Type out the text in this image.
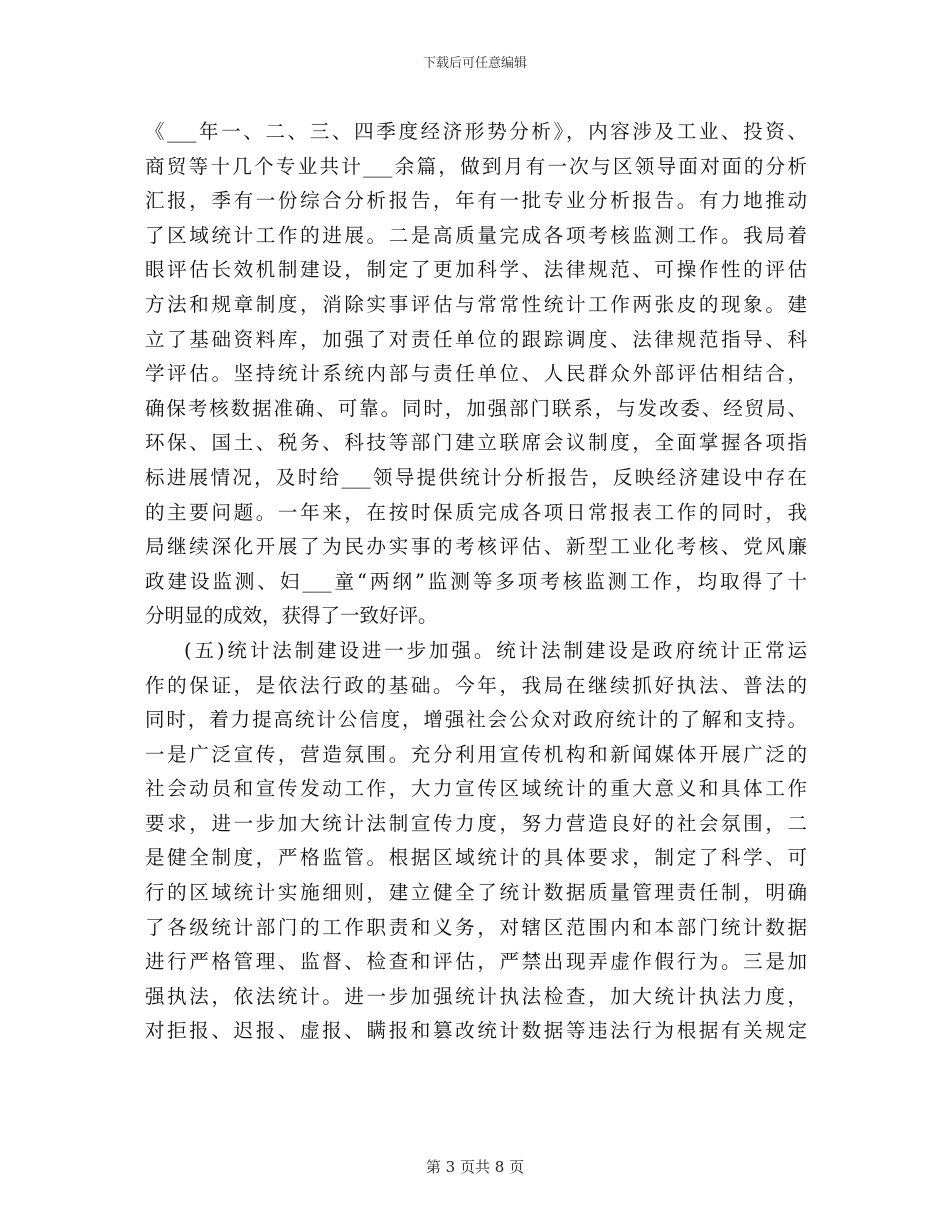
下载后可任意编辑
《___年一、二、三、四季度经济形势分析》，内容涉及工业、投资、
商贸等十几个专业共计___余篇，做到月有一次与区领导面对面的分析
汇报，季有一份综合分析报告，年有一批专业分析报告。有力地推动
了区域统计工作的进展。二是高质量完成各项考核监测工作。我局着
眼评估长效机制建设，制定了更加科学、法律规范、可操作性的评估
方法和规章制度，消除实事评估与常常性统计工作两张皮的现象。建
立了基础资料库，加强了对责任单位的跟踪调度、法律规范指导、科
学评估。坚持统计系统内部与责任单位、人民群众外部评估相结合，
确保考核数据准确、可靠。同时，加强部门联系，与发改委、经贸局、
环保、国土、税务、科技等部门建立联席会议制度，全面掌握各项指
标进展情况，及时给___领导提供统计分析报告，反映经济建设中存在
的主要问题。一年来，在按时保质完成各项日常报表工作的同时，我
局继续深化开展了为民办实事的考核评估、新型工业化考核、党风廉
政建设监测、妇___童“两纲”监测等多项考核监测工作，均取得了十
分明显的成效，获得了一致好评。
(五)统计法制建设进一步加强。统计法制建设是政府统计正常运
作的保证，是依法行政的基础。今年，我局在继续抓好执法、普法的
同时，着力提高统计公信度，增强社会公众对政府统计的了解和支持。
一是广泛宣传，营造氛围。充分利用宣传机构和新闻媒体开展广泛的
社会动员和宣传发动工作，大力宣传区域统计的重大意义和具体工作
要求，进一步加大统计法制宣传力度，努力营造良好的社会氛围，二
是健全制度，严格监管。根据区域统计的具体要求，制定了科学、可
行的区域统计实施细则，建立健全了统计数据质量管理责任制，明确
了各级统计部门的工作职责和义务，对辖区范围内和本部门统计数据
进行严格管理、监督、检查和评估，严禁出现弄虚作假行为。三是加
强执法，依法统计。进一步加强统计执法检查，加大统计执法力度，
对拒报、迟报、虚报、瞒报和篡改统计数据等违法行为根据有关规定
第 3 页共 8 页
